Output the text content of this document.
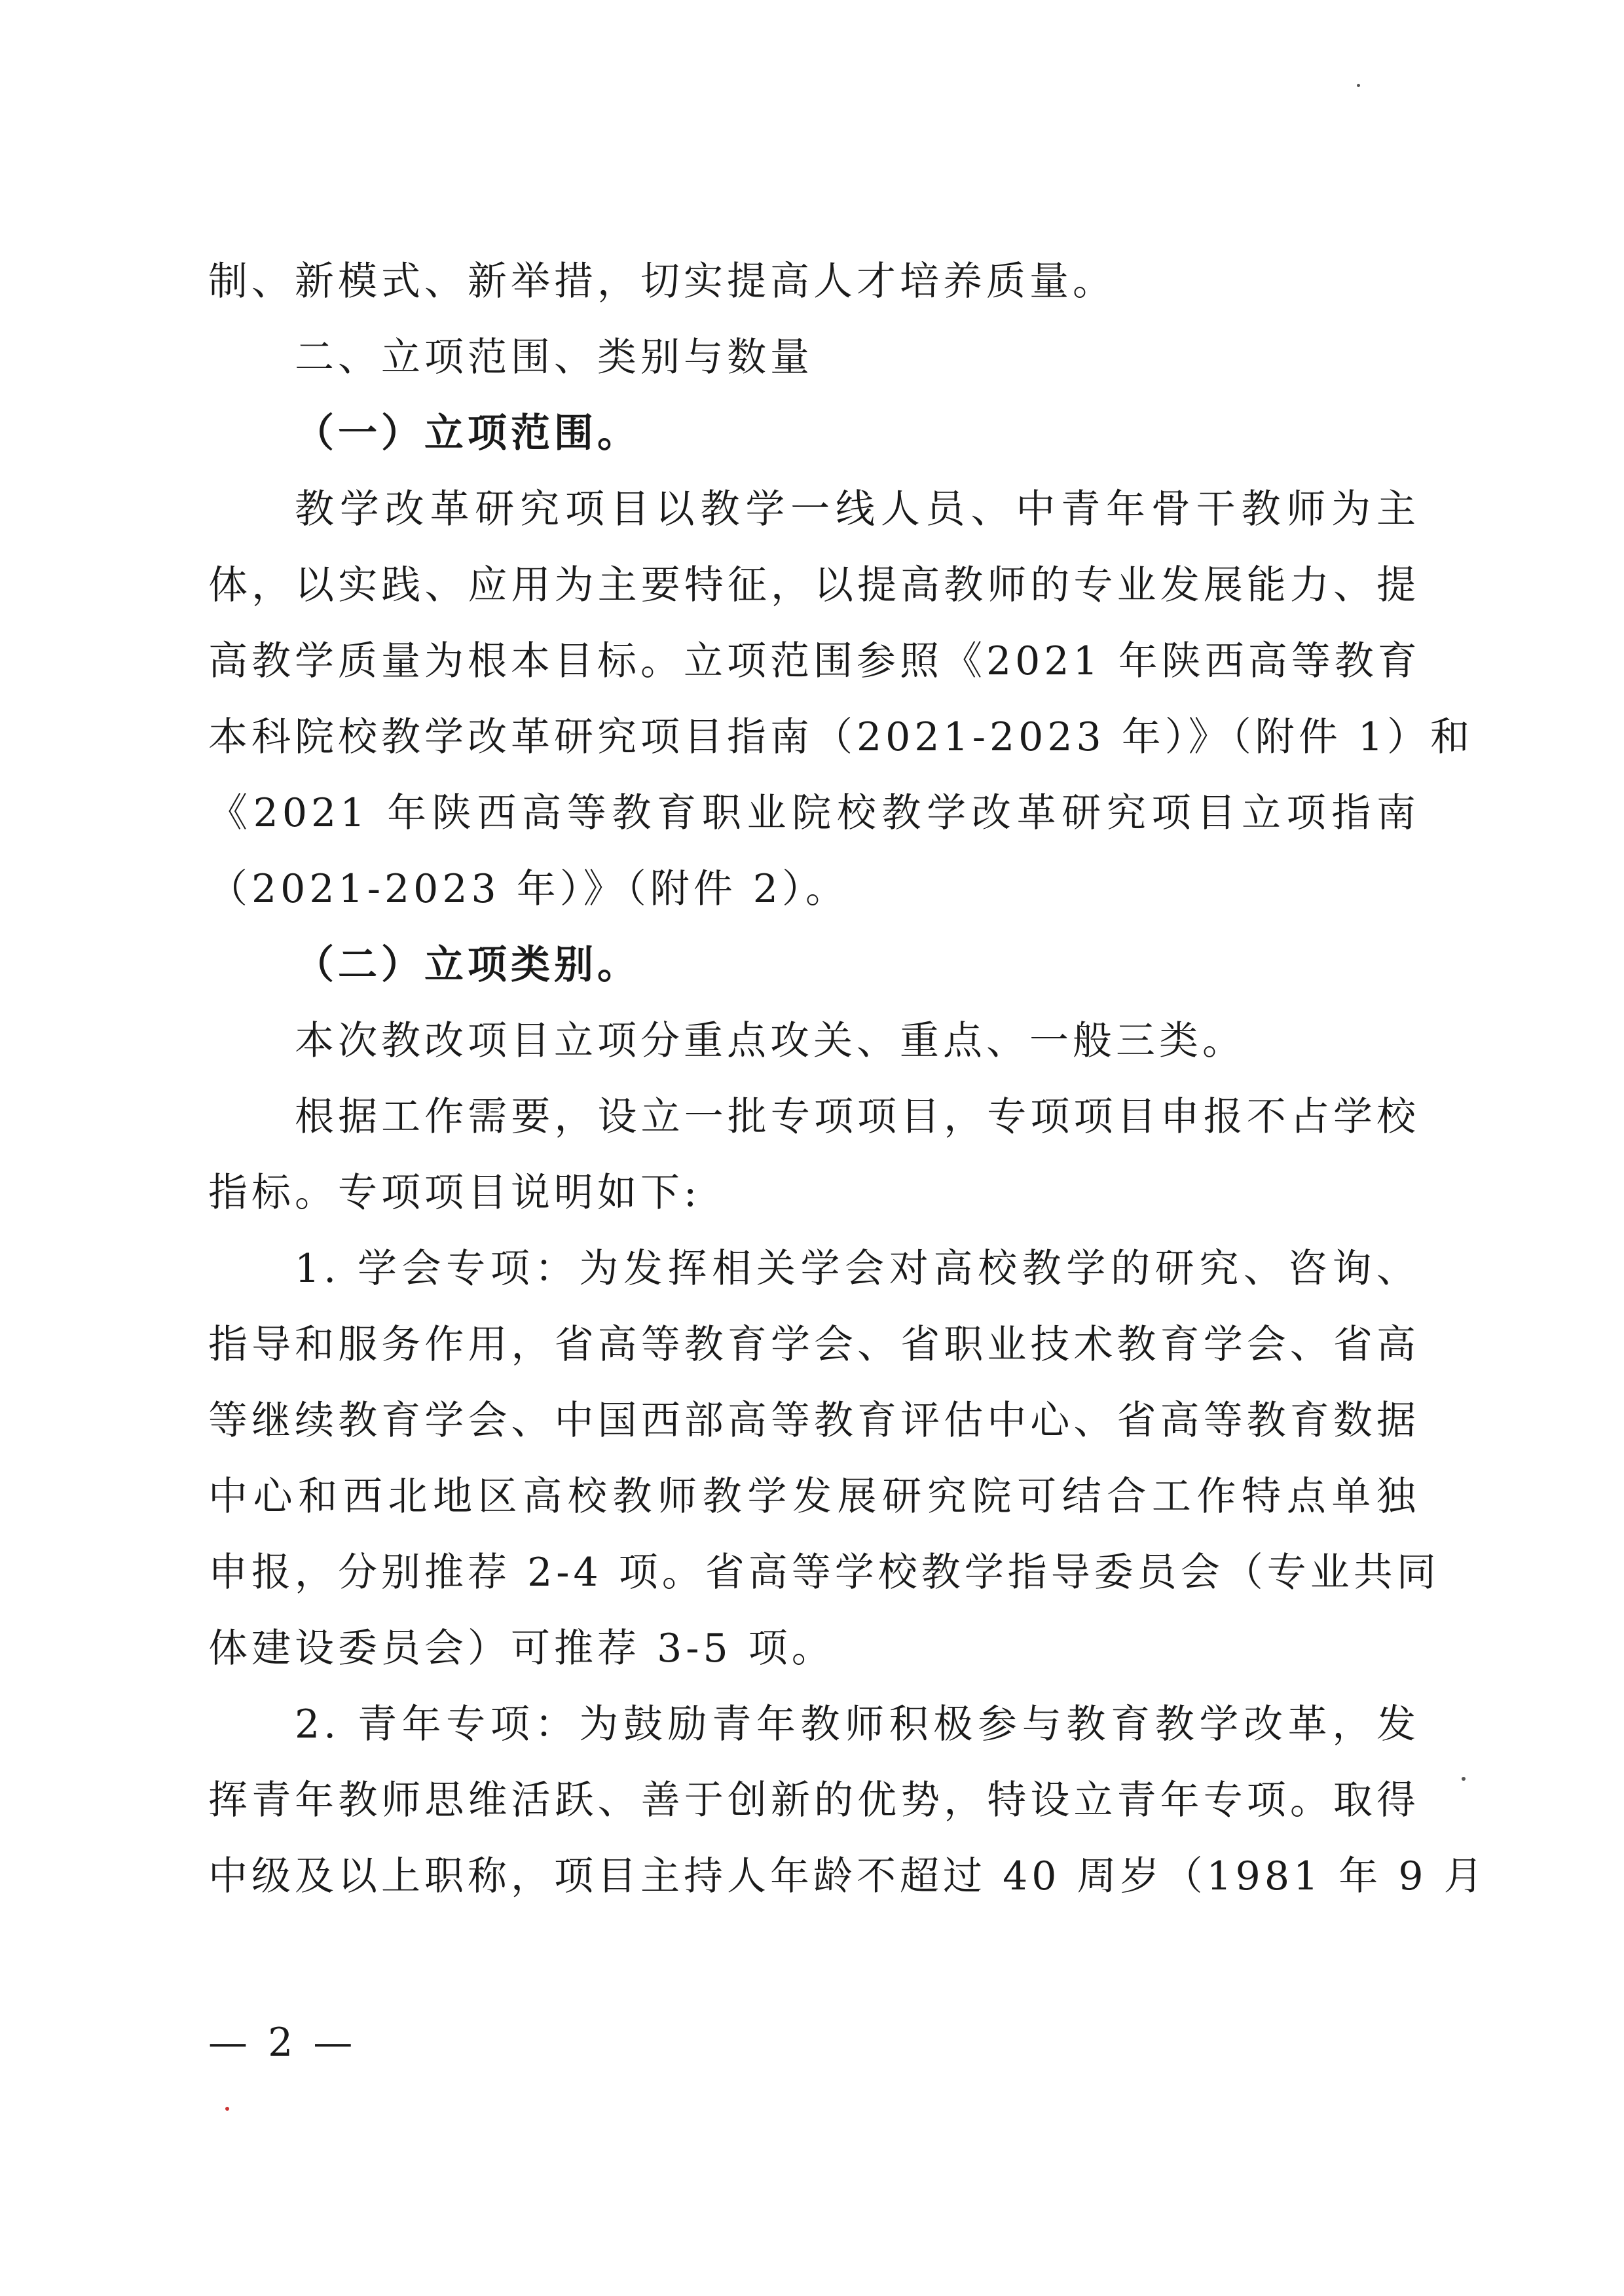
制、新模式、新举措，切实提高人才培养质量。
二、立项范围、类别与数量
（一）立项范围。
教学改革研究项目以教学一线人员、中青年骨干教师为主
体，以实践、应用为主要特征，以提高教师的专业发展能力、提
高教学质量为根本目标。立项范围参照《2021 年陕西高等教育
本科院校教学改革研究项目指南（2021-2023 年）》（附件 1）和
《2021 年陕西高等教育职业院校教学改革研究项目立项指南
（2021-2023 年）》（附件 2）。
（二）立项类别。
本次教改项目立项分重点攻关、重点、一般三类。
根据工作需要，设立一批专项项目，专项项目申报不占学校
指标。专项项目说明如下:
1. 学会专项：为发挥相关学会对高校教学的研究、咨询、
指导和服务作用，省高等教育学会、省职业技术教育学会、省高
等继续教育学会、中国西部高等教育评估中心、省高等教育数据
中心和西北地区高校教师教学发展研究院可结合工作特点单独
申报，分别推荐 2-4 项。省高等学校教学指导委员会（专业共同
体建设委员会）可推荐 3-5 项。
2. 青年专项：为鼓励青年教师积极参与教育教学改革，发
挥青年教师思维活跃、善于创新的优势，特设立青年专项。取得
中级及以上职称，项目主持人年龄不超过 40 周岁（1981 年 9 月
— 2 —
